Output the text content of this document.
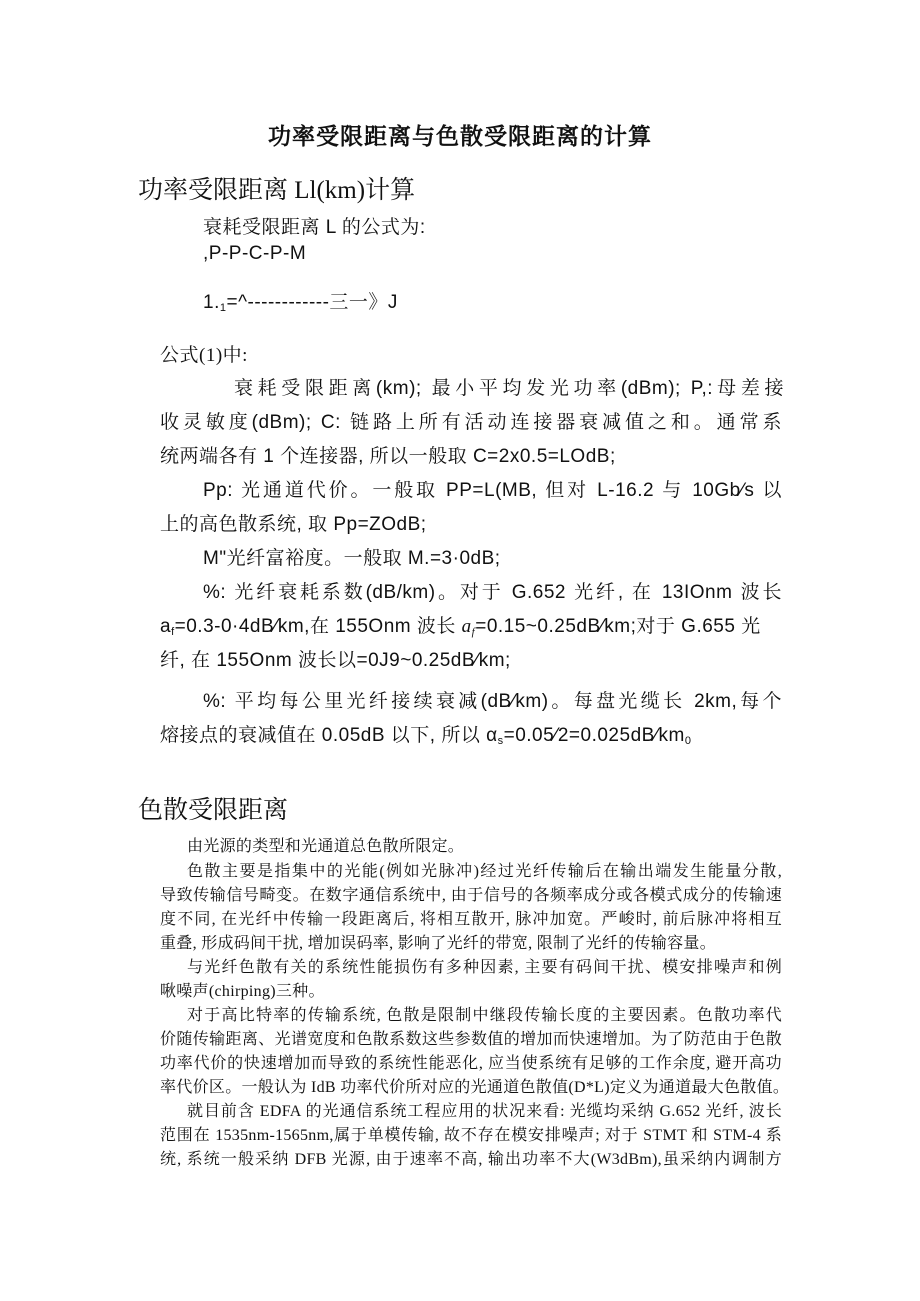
功率受限距离与色散受限距离的计算
功率受限距离 Ll(km)计算

衰耗受限距离 L 的公式为:

,P-P-C-P-M

$1._1=\^{}------------$三一》J

公式(1)中:

衰耗受限距离(km); 最小平均发光功率(dBm); P,:母差接

收灵敏度(dBm); C: 链路上所有活动连接器衰减值之和。通常系

统两端各有 1 个连接器, 所以一般取 C=2x0.5=LOdB;

Pp: 光通道代价。一般取 PP=L(MB, 但对 L-16.2 与 10Gb⁄s 以

上的高色散系统, 取 Pp=ZOdB;

M"光纤富裕度。一般取 M.=3·0dB;

%: 光纤衰耗系数(dB/km)。对于 G.652 光纤, 在 13IOnm 波长

$a_f=0.3-0\cdot 4dB⁄km$,在 155Onm 波长 $a_f=0.15\sim 0.25dB⁄km$;对于 G.655 光

纤, 在 155Onm 波长以=0J9~0.25dB⁄km;

%: 平均每公里光纤接续衰减(dB⁄km)。每盘光缆长 2km,每个

熔接点的衰减值在 0.05dB 以下, 所以 $\alpha_s=0.05⁄2=0.025dB⁄km_0$

色散受限距离

由光源的类型和光通道总色散所限定。

色散主要是指集中的光能(例如光脉冲)经过光纤传输后在输出端发生能量分散,

导致传输信号畸变。在数字通信系统中, 由于信号的各频率成分或各模式成分的传输速

度不同, 在光纤中传输一段距离后, 将相互散开, 脉冲加宽。严峻时, 前后脉冲将相互

重叠, 形成码间干扰, 增加误码率, 影响了光纤的带宽, 限制了光纤的传输容量。

与光纤色散有关的系统性能损伤有多种因素, 主要有码间干扰、模安排噪声和例

啾噪声(chirping)三种。

对于高比特率的传输系统, 色散是限制中继段传输长度的主要因素。色散功率代

价随传输距离、光谱宽度和色散系数这些参数值的增加而快速增加。为了防范由于色散

功率代价的快速增加而导致的系统性能恶化, 应当使系统有足够的工作余度, 避开高功

率代价区。一般认为 IdB 功率代价所对应的光通道色散值(D*L)定义为通道最大色散值。

就目前含 EDFA 的光通信系统工程应用的状况来看: 光缆均采纳 G.652 光纤, 波长

范围在 1535nm-1565nm,属于单模传输, 故不存在模安排噪声; 对于 STMT 和 STM-4 系

统, 系统一般采纳 DFB 光源, 由于速率不高, 输出功率不大(W3dBm),虽采纳内调制方
